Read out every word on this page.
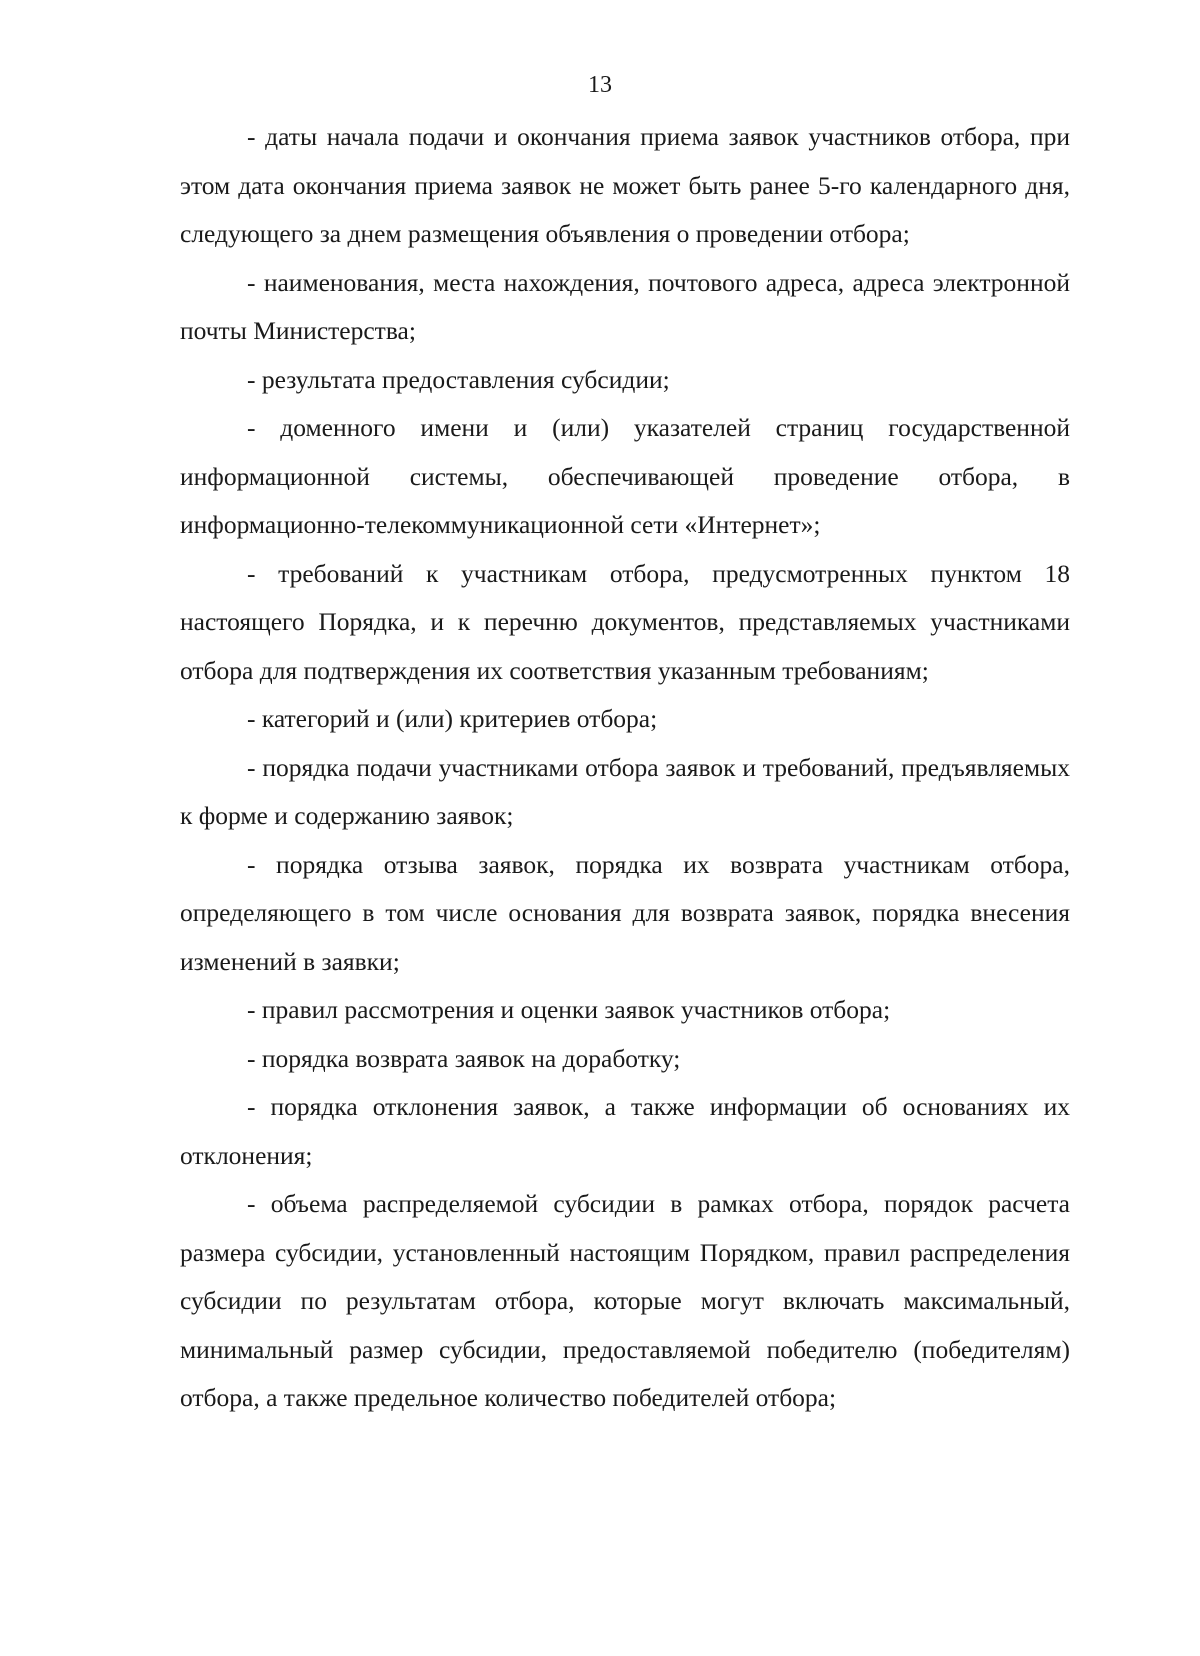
13

- даты начала подачи и окончания приема заявок участников отбора, при этом дата окончания приема заявок не может быть ранее 5-го календарного дня, следующего за днем размещения объявления о проведении отбора;

- наименования, места нахождения, почтового адреса, адреса электронной почты Министерства;

- результата предоставления субсидии;

- доменного имени и (или) указателей страниц государственной информационной системы, обеспечивающей проведение отбора, в информационно-телекоммуникационной сети «Интернет»;

- требований к участникам отбора, предусмотренных пунктом 18 настоящего Порядка, и к перечню документов, представляемых участниками отбора для подтверждения их соответствия указанным требованиям;

- категорий и (или) критериев отбора;

- порядка подачи участниками отбора заявок и требований, предъявляемых к форме и содержанию заявок;

- порядка отзыва заявок, порядка их возврата участникам отбора, определяющего в том числе основания для возврата заявок, порядка внесения изменений в заявки;

- правил рассмотрения и оценки заявок участников отбора;

- порядка возврата заявок на доработку;

- порядка отклонения заявок, а также информации об основаниях их отклонения;

- объема распределяемой субсидии в рамках отбора, порядок расчета размера субсидии, установленный настоящим Порядком, правил распределения субсидии по результатам отбора, которые могут включать максимальный, минимальный размер субсидии, предоставляемой победителю (победителям) отбора, а также предельное количество победителей отбора;
